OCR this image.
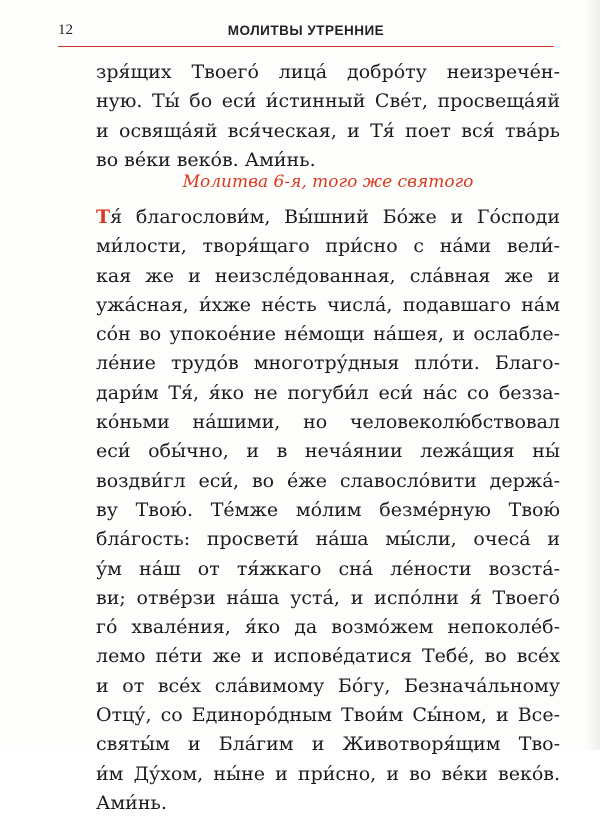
12	МОЛИТВЫ УТРЕННИЕ
зря́щих Твоего́ лица́ добро́ту неизрече́н-
ную. Ты́ бо еси́ и́стинный Све́т, просвеща́яй
и освяща́яй вся́ческая, и Тя́ поет вся́ тва́рь
во ве́ки веко́в. Ами́нь.
Молитва 6-я, того же святого
Тя́ благослови́м, Вы́шний Бо́же и Го́споди
ми́лости, творя́щаго при́сно с на́ми вели́-
кая же и неизсле́дованная, сла́вная же и
ужа́сная, и́хже не́сть числа́, подавшаго на́м
со́н во упокое́ние не́мощи на́шея, и ослабле-
ле́ние трудо́в многотру́дныя пло́ти. Благо-
дари́м Тя́, я́ко не погуби́л еси́ на́с со безза-
ко́ньми на́шими, но человеколю́бствовал
еси́ обы́чно, и в неча́янии лежа́щия ны́
воздви́гл еси́, во е́же славосло́вити держа́-
ву Твою́. Те́мже мо́лим безме́рную Твою́
бла́гость: просвети́ на́ша мы́сли, очеса́ и
у́м на́ш от тя́жкаго сна́ ле́ности возста́-
ви; отве́рзи на́ша уста́, и испо́лни я́ Твоего́
го́ хвале́ния, я́ко да возмо́жем непоколе́б-
лемо пе́ти же и испове́датися Тебе́, во все́х
и от все́х сла́вимому Бо́гу, Безнача́льному
Отцу́, со Единоро́дным Твои́м Сы́ном, и Все-
святы́м и Бла́гим и Животворя́щим Тво-
и́м Ду́хом, ны́не и при́сно, и во ве́ки веко́в.
Ами́нь.
